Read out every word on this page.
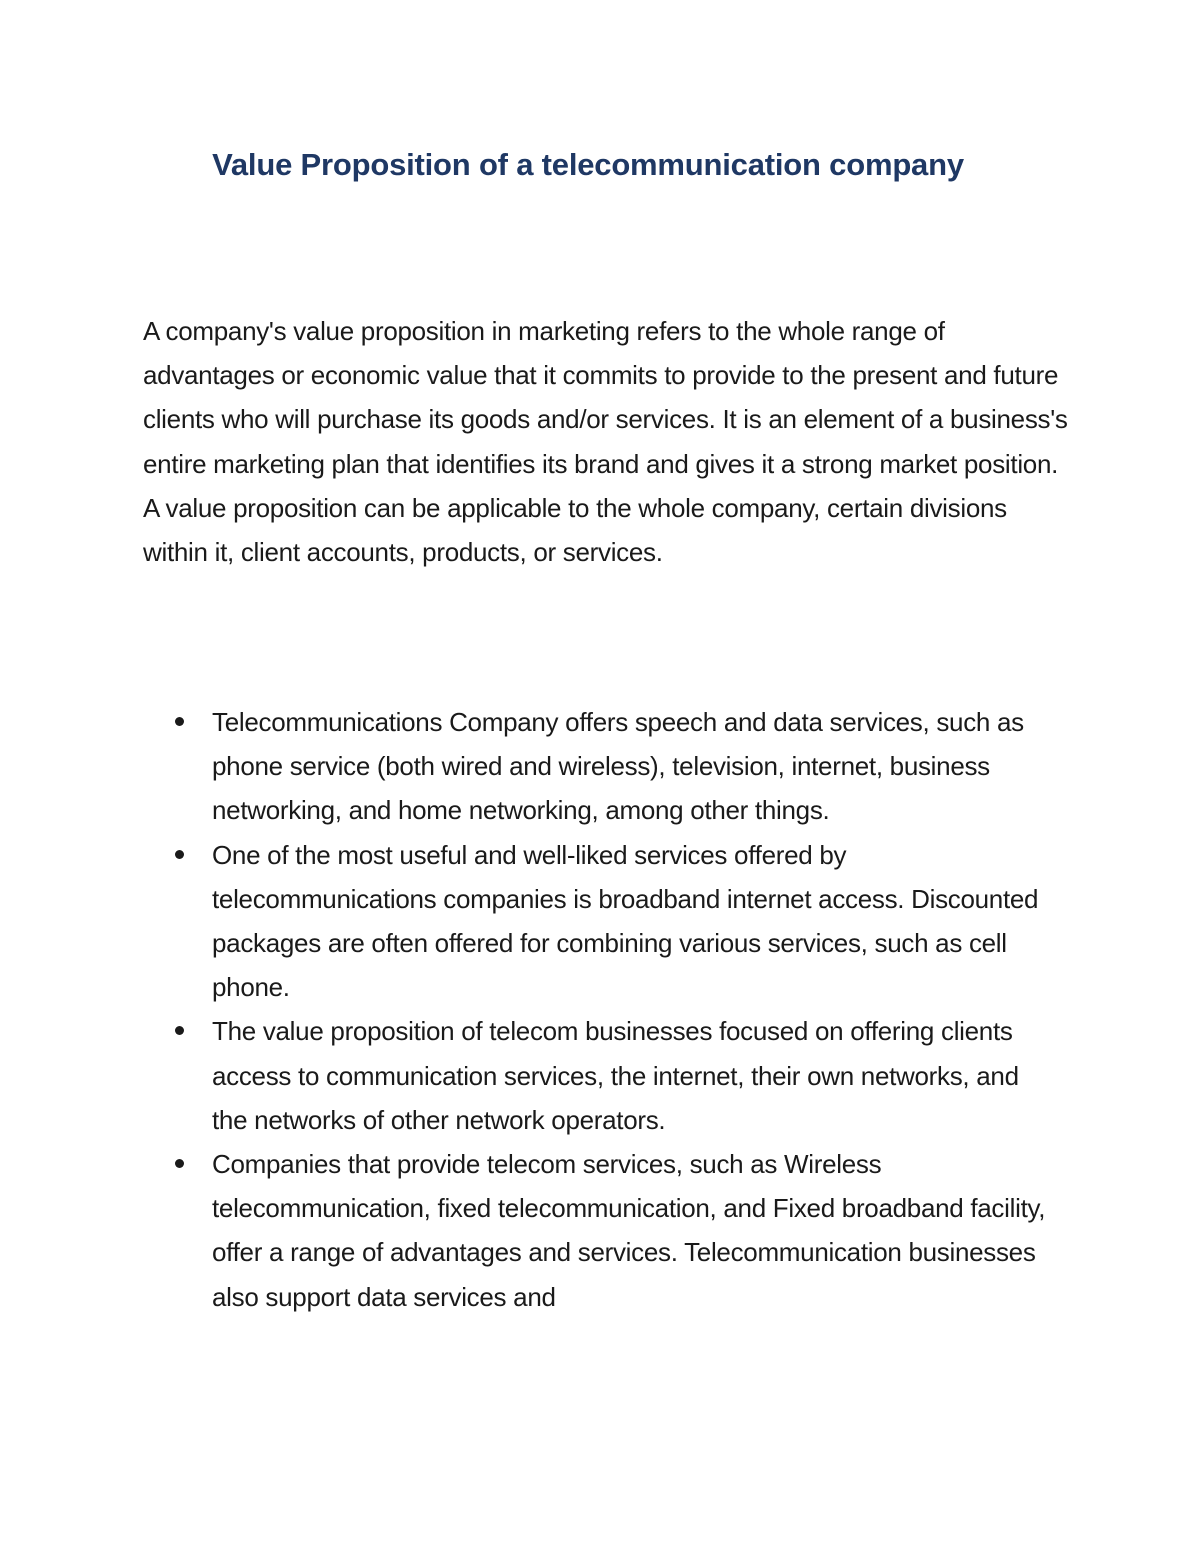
Value Proposition of a telecommunication company

A company's value proposition in marketing refers to the whole range of advantages or economic value that it commits to provide to the present and future clients who will purchase its goods and/or services. It is an element of a business's entire marketing plan that identifies its brand and gives it a strong market position. A value proposition can be applicable to the whole company, certain divisions within it, client accounts, products, or services.

Telecommunications Company offers speech and data services, such as phone service (both wired and wireless), television, internet, business networking, and home networking, among other things.
One of the most useful and well-liked services offered by telecommunications companies is broadband internet access. Discounted packages are often offered for combining various services, such as cell phone.
The value proposition of telecom businesses focused on offering clients access to communication services, the internet, their own networks, and the networks of other network operators.
Companies that provide telecom services, such as Wireless telecommunication, fixed telecommunication, and Fixed broadband facility, offer a range of advantages and services. Telecommunication businesses also support data services and
